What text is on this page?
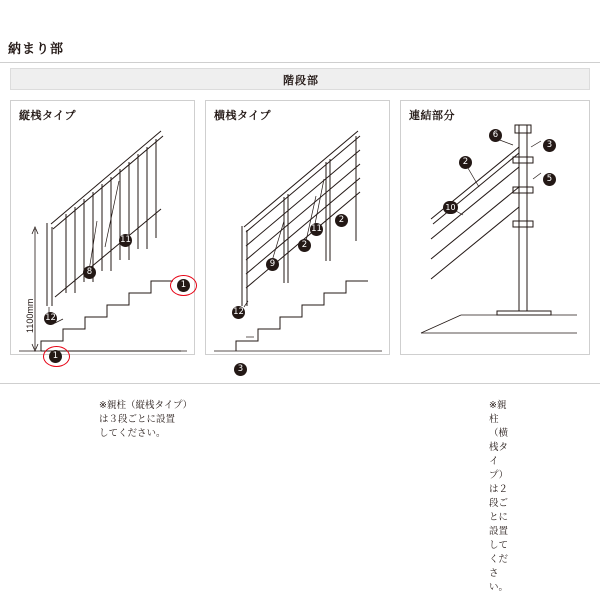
納まり部
階段部
縦桟タイプ
11
8
1
12
1
1100mm
※親柱（縦桟タイプ）
は３段ごとに設置
してください。
横桟タイプ
11
2
2
9
12
3
※親柱（横桟タイプ）
は２段ごとに設置
してください。
連結部分
6
3
2
5
10
